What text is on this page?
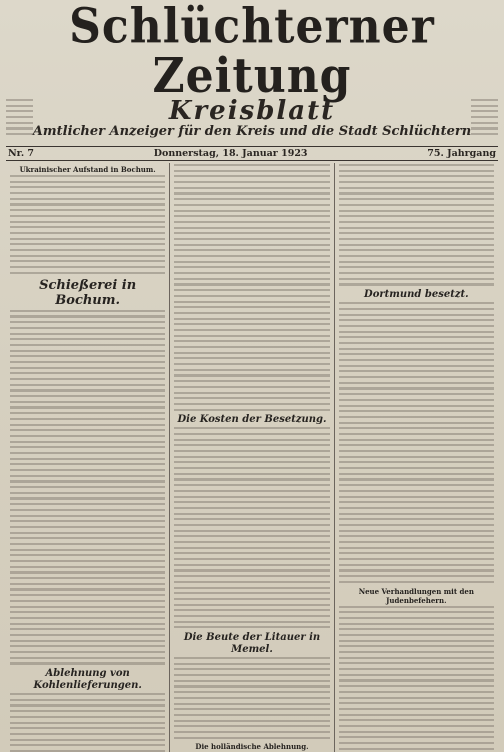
Schlüchterner Zeitung
Kreisblatt
Amtlicher Anzeiger für den Kreis und die Stadt Schlüchtern
Nr. 7	Donnerstag, 18. Januar 1923	75. Jahrgang
Ukrainischer Aufstand in Bochum.
Schießerei in Bochum.
Ablehnung von Kohlenlieferungen.
Die Kosten der Besetzung.
Die Beute der Litauer in Memel.
Die holländische Ablehnung.
Dortmund besetzt.
Neue Verhandlungen mit den Judenbefehern.
